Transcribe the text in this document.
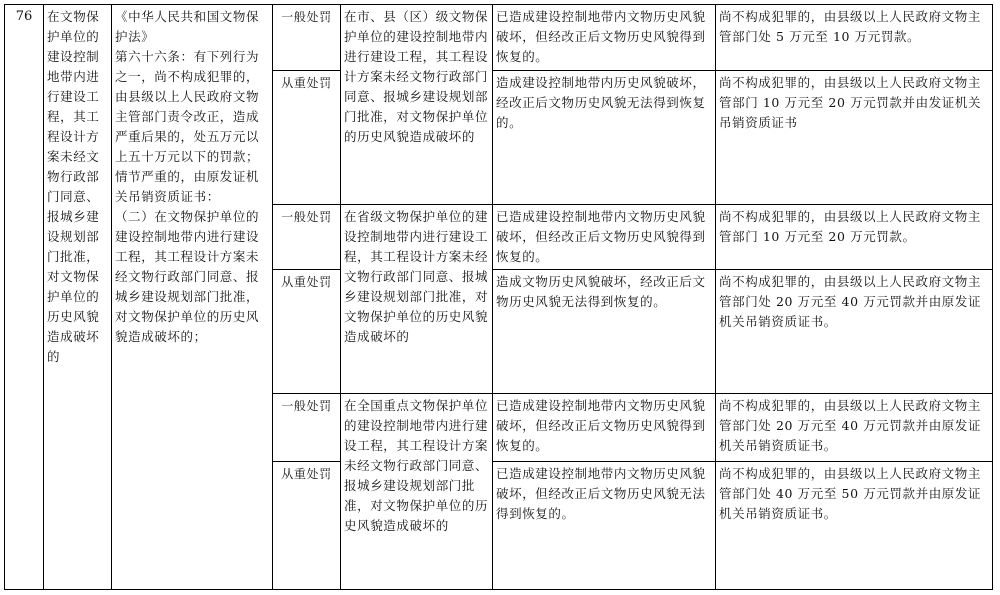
76	在文物保护单位的建设控制地带内进行建设工程，其工程设计方案未经文物行政部门同意、报城乡建设规划部门批准，对文物保护单位的历史风貌造成破坏的	《中华人民共和国文物保护法》
第六十六条：有下列行为之一，尚不构成犯罪的，由县级以上人民政府文物主管部门责令改正，造成严重后果的，处五万元以上五十万元以下的罚款；情节严重的，由原发证机关吊销资质证书：
（二）在文物保护单位的建设控制地带内进行建设工程，其工程设计方案未经文物行政部门同意、报城乡建设规划部门批准，对文物保护单位的历史风貌造成破坏的；	一般处罚	在市、县（区）级文物保护单位的建设控制地带内进行建设工程，其工程设计方案未经文物行政部门同意、报城乡建设规划部门批准，对文物保护单位的历史风貌造成破坏的	已造成建设控制地带内文物历史风貌破坏，但经改正后文物历史风貌得到恢复的。	尚不构成犯罪的，由县级以上人民政府文物主管部门处 5 万元至 10 万元罚款。
			从重处罚		造成建设控制地带内历史风貌破坏，经改正后文物历史风貌无法得到恢复的。	尚不构成犯罪的，由县级以上人民政府文物主管部门 10 万元至 20 万元罚款并由发证机关吊销资质证书
			一般处罚	在省级文物保护单位的建设控制地带内进行建设工程，其工程设计方案未经文物行政部门同意、报城乡建设规划部门批准，对文物保护单位的历史风貌造成破坏的	已造成建设控制地带内文物历史风貌破坏，但经改正后文物历史风貌得到恢复的。	尚不构成犯罪的，由县级以上人民政府文物主管部门 10 万元至 20 万元罚款。
			从重处罚		造成文物历史风貌破坏，经改正后文物历史风貌无法得到恢复的。	尚不构成犯罪的，由县级以上人民政府文物主管部门处 20 万元至 40 万元罚款并由原发证机关吊销资质证书。
			一般处罚	在全国重点文物保护单位的建设控制地带内进行建设工程，其工程设计方案未经文物行政部门同意、报城乡建设规划部门批准，对文物保护单位的历史风貌造成破坏的	已造成建设控制地带内文物历史风貌破坏，但经改正后文物历史风貌得到恢复的。	尚不构成犯罪的，由县级以上人民政府文物主管部门处 20 万元至 40 万元罚款并由原发证机关吊销资质证书。
			从重处罚		已造成建设控制地带内文物历史风貌破坏，但经改正后文物历史风貌无法得到恢复的。	尚不构成犯罪的，由县级以上人民政府文物主管部门处 40 万元至 50 万元罚款并由原发证机关吊销资质证书。
